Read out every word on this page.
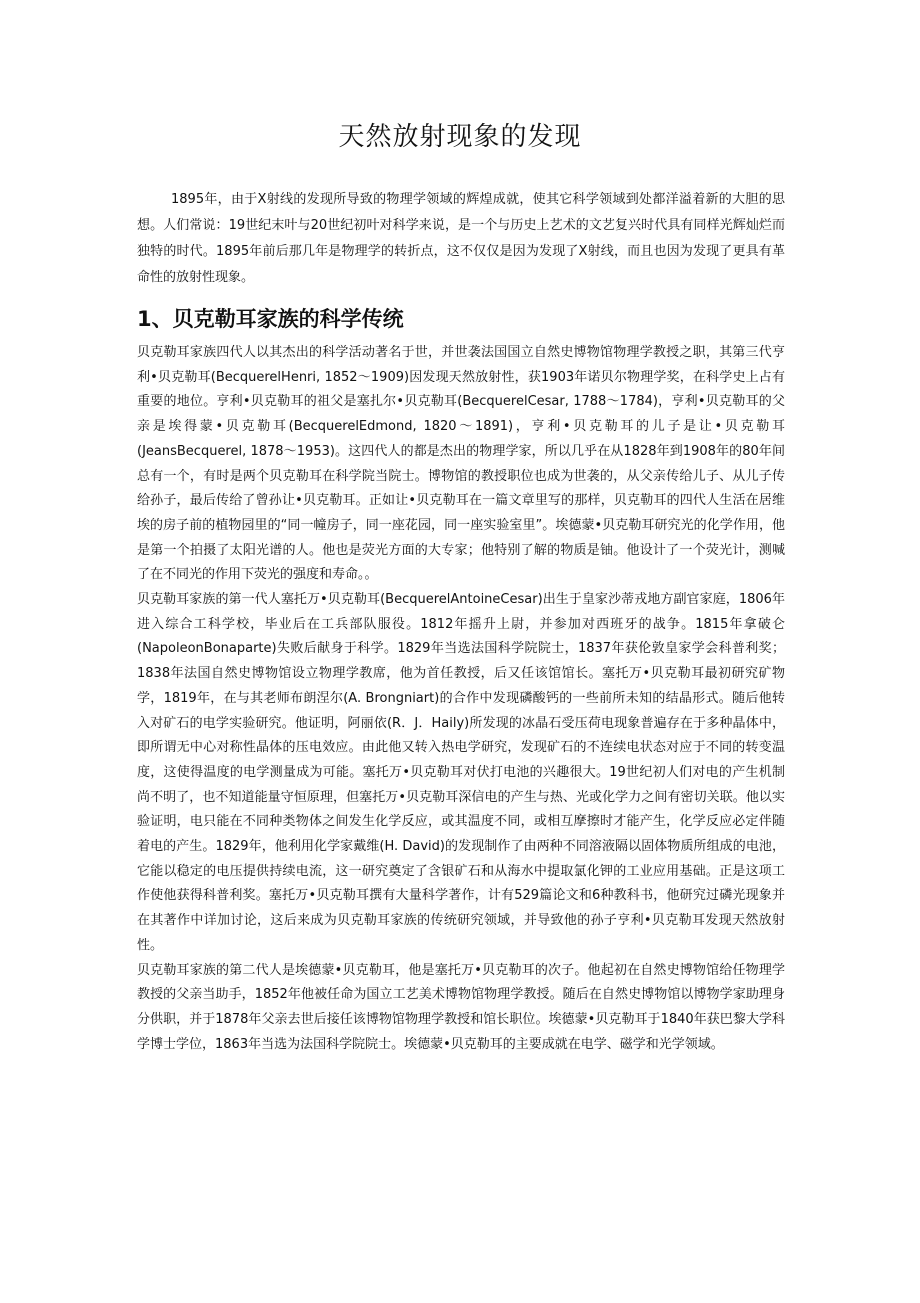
天然放射现象的发现

1895年，由于X射线的发现所导致的物理学领域的辉煌成就，使其它科学领域到处都洋溢着新的大胆的思想。人们常说：19世纪末叶与20世纪初叶对科学来说，是一个与历史上艺术的文艺复兴时代具有同样光辉灿烂而独特的时代。1895年前后那几年是物理学的转折点，这不仅仅是因为发现了X射线，而且也因为发现了更具有革命性的放射性现象。

1、贝克勒耳家族的科学传统

贝克勒耳家族四代人以其杰出的科学活动著名于世，并世袭法国国立自然史博物馆物理学教授之职，其第三代亨利•贝克勒耳(BecquerelHenri, 1852～1909)因发现天然放射性，获1903年诺贝尔物理学奖，在科学史上占有重要的地位。亨利•贝克勒耳的祖父是塞扎尔•贝克勒耳(BecquerelCesar, 1788～1784)，亨利•贝克勒耳的父亲是埃得蒙•贝克勒耳(BecquerelEdmond, 1820～1891)，亨利•贝克勒耳的儿子是让•贝克勒耳(JeansBecquerel, 1878～1953)。这四代人的都是杰出的物理学家，所以几乎在从1828年到1908年的80年间总有一个，有时是两个贝克勒耳在科学院当院士。博物馆的教授职位也成为世袭的，从父亲传给儿子、从儿子传给孙子，最后传给了曾孙让•贝克勒耳。正如让•贝克勒耳在一篇文章里写的那样，贝克勒耳的四代人生活在居维埃的房子前的植物园里的“同一幢房子，同一座花园，同一座实验室里”。埃德蒙•贝克勒耳研究光的化学作用，他是第一个拍摄了太阳光谱的人。他也是荧光方面的大专家；他特别了解的物质是铀。他设计了一个荧光计，测喊了在不同光的作用下荧光的强度和寿命。。

贝克勒耳家族的第一代人塞托万•贝克勒耳(BecquerelAntoineCesar)出生于皇家沙蒂戎地方副官家庭，1806年进入综合工科学校，毕业后在工兵部队服役。1812年摇升上尉，并参加对西班牙的战争。1815年拿破仑(NapoleonBonaparte)失败后献身于科学。1829年当选法国科学院院士，1837年获伦敦皇家学会科普利奖；1838年法国自然史博物馆设立物理学教席，他为首任教授，后又任该馆馆长。塞托万•贝克勒耳最初研究矿物学，1819年，在与其老师布朗涅尔(A. Brongniart)的合作中发现磷酸钙的一些前所未知的结晶形式。随后他转入对矿石的电学实验研究。他证明，阿丽依(R．J．Haily)所发现的冰晶石受压荷电现象普遍存在于多种晶体中，即所谓无中心对称性晶体的压电效应。由此他又转入热电学研究，发现矿石的不连续电状态对应于不同的转变温度，这使得温度的电学测量成为可能。塞托万•贝克勒耳对伏打电池的兴趣很大。19世纪初人们对电的产生机制尚不明了，也不知道能量守恒原理，但塞托万•贝克勒耳深信电的产生与热、光或化学力之间有密切关联。他以实验证明，电只能在不同种类物体之间发生化学反应，或其温度不同，或相互摩擦时才能产生，化学反应必定伴随着电的产生。1829年，他利用化学家戴维(H. David)的发现制作了由两种不同溶液隔以固体物质所组成的电池，它能以稳定的电压提供持续电流，这一研究奠定了含银矿石和从海水中提取氯化钾的工业应用基础。正是这项工作使他获得科普利奖。塞托万•贝克勒耳撰有大量科学著作，计有529篇论文和6种教科书，他研究过磷光现象并在其著作中详加讨论，这后来成为贝克勒耳家族的传统研究领域，并导致他的孙子亨利•贝克勒耳发现天然放射性。

贝克勒耳家族的第二代人是埃德蒙•贝克勒耳，他是塞托万•贝克勒耳的次子。他起初在自然史博物馆给任物理学教授的父亲当助手，1852年他被任命为国立工艺美术博物馆物理学教授。随后在自然史博物馆以博物学家助理身分供职，并于1878年父亲去世后接任该博物馆物理学教授和馆长职位。埃德蒙•贝克勒耳于1840年获巴黎大学科学博士学位，1863年当选为法国科学院院士。埃德蒙•贝克勒耳的主要成就在电学、磁学和光学领域。
